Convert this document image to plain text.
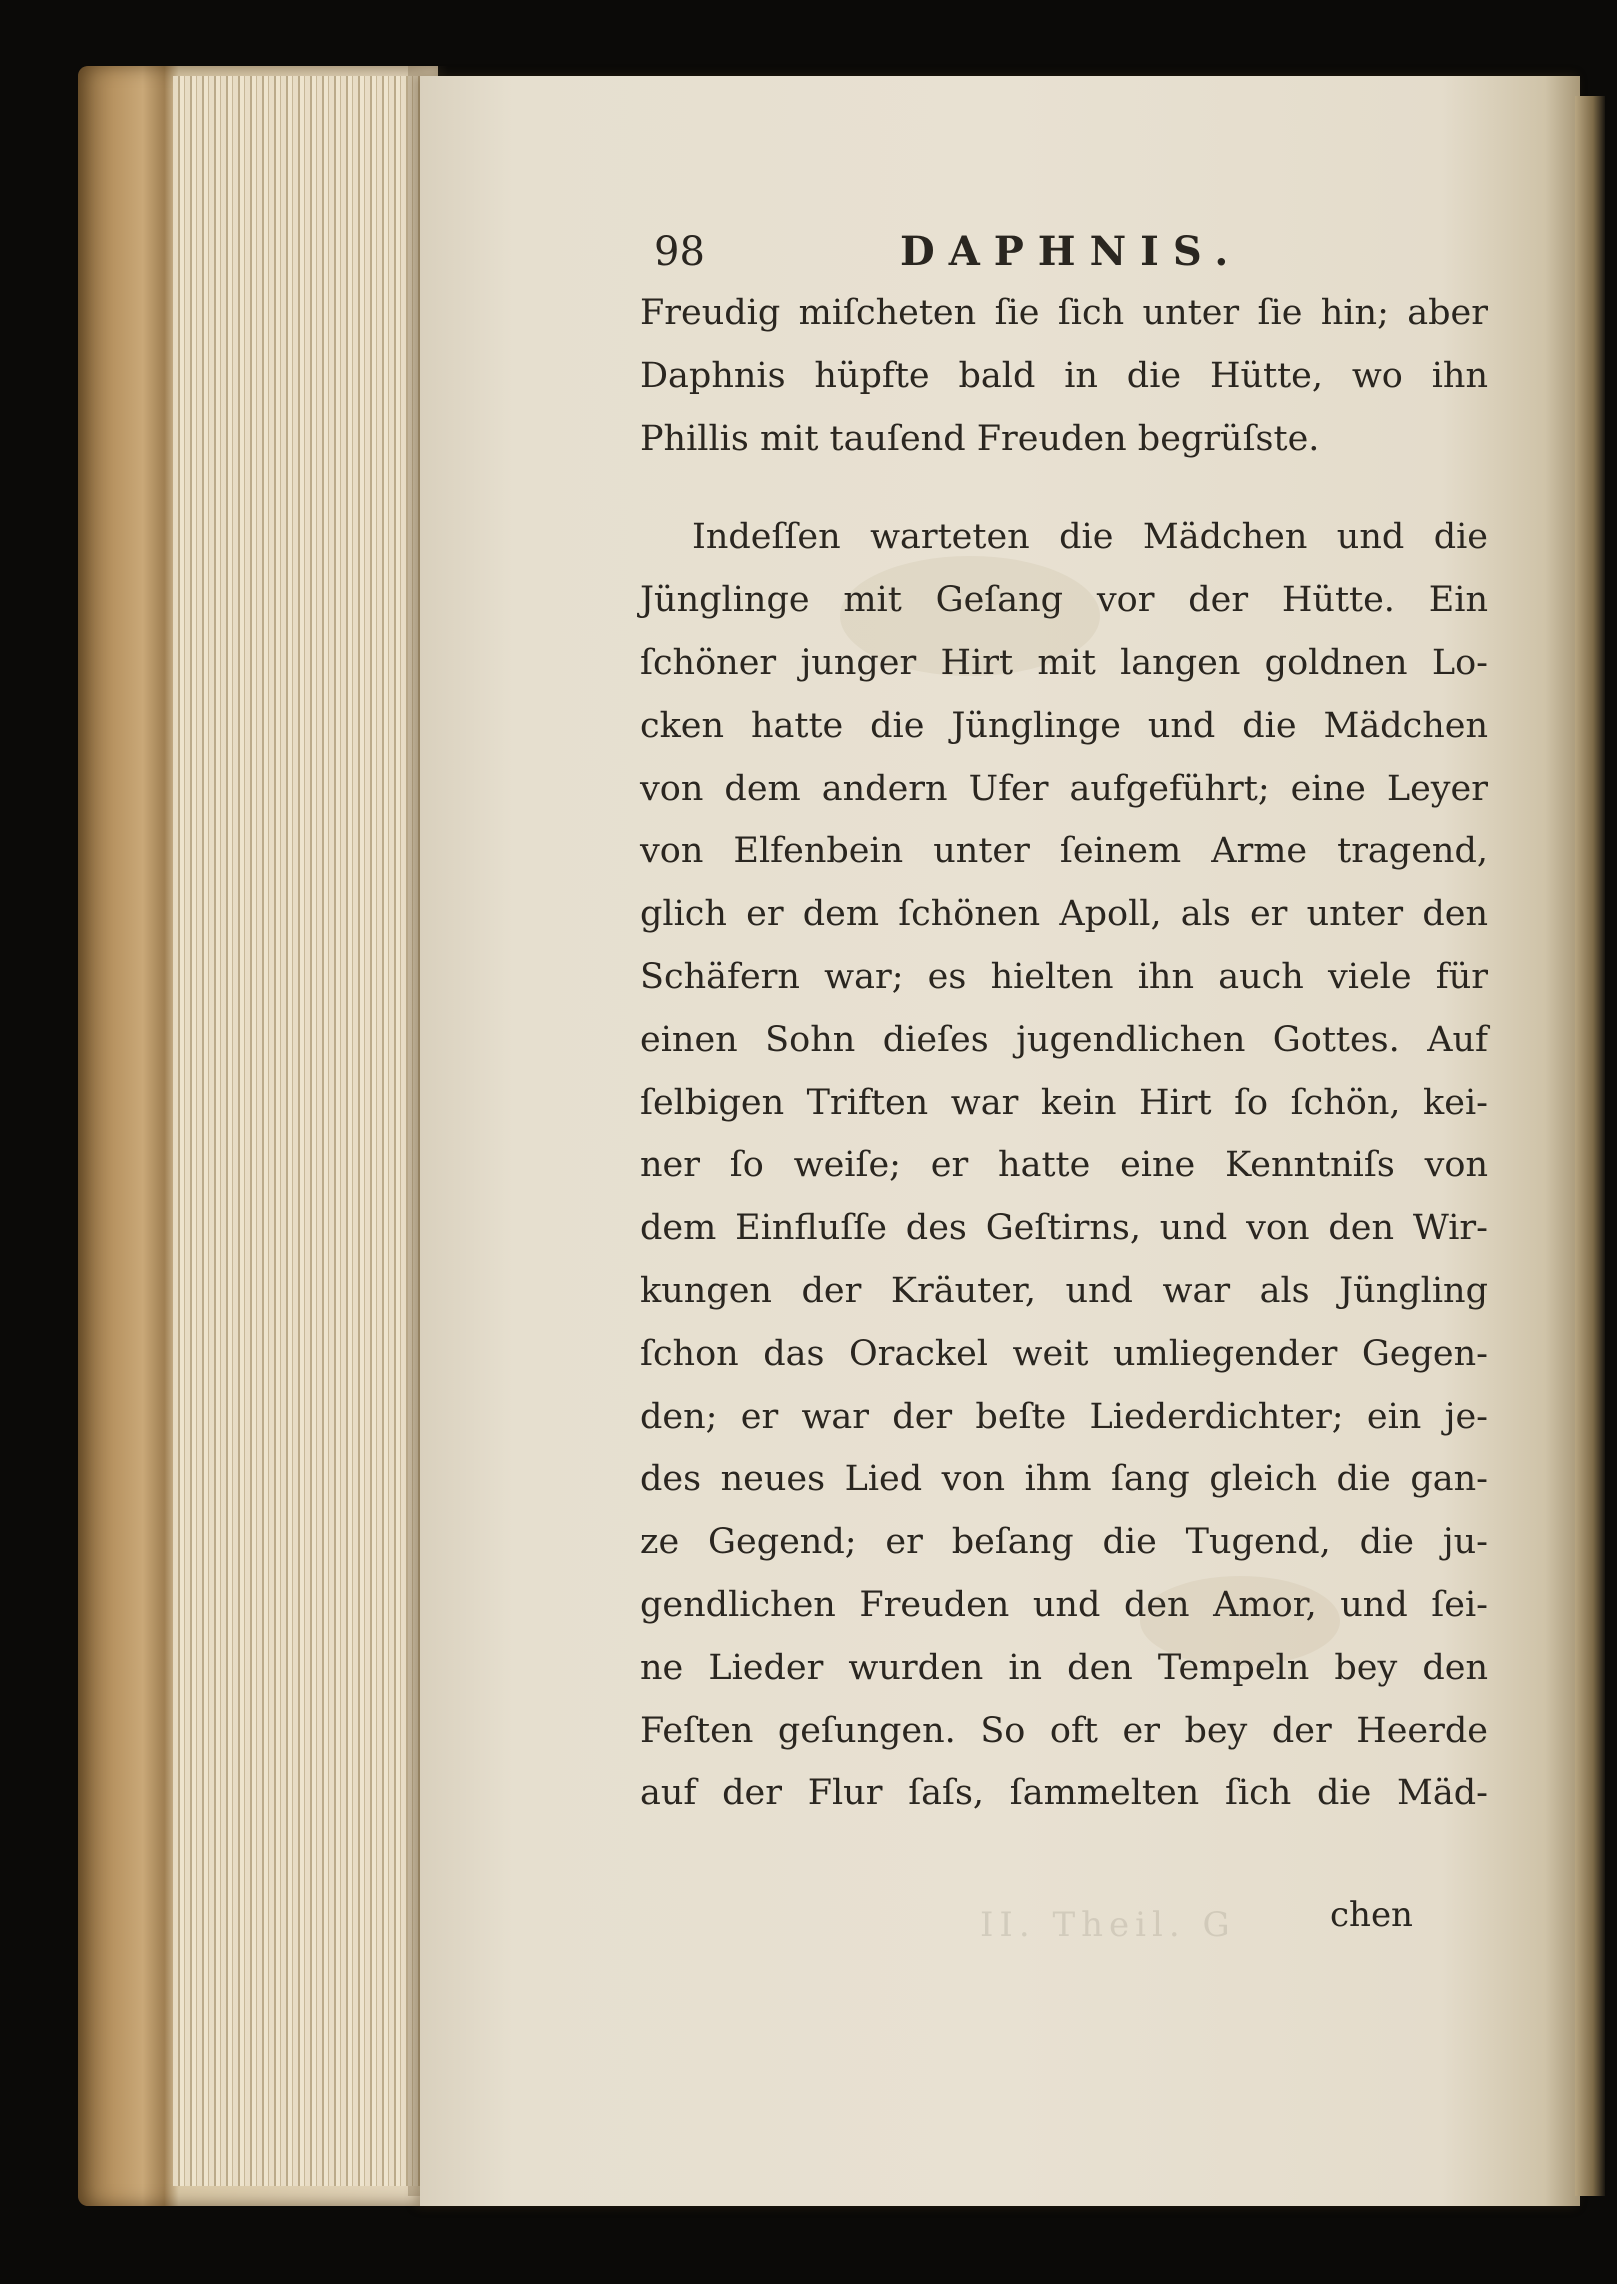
98	DAPHNIS.
Freudig miſcheten ſie ſich unter ſie hin; aber
Daphnis hüpfte bald in die Hütte, wo ihn
Phillis mit tauſend Freuden begrüſste.
Indeſſen warteten die Mädchen und die
Jünglinge mit Geſang vor der Hütte. Ein
ſchöner junger Hirt mit langen goldnen Lo-
cken hatte die Jünglinge und die Mädchen
von dem andern Ufer aufgeführt; eine Leyer
von Elfenbein unter ſeinem Arme tragend,
glich er dem ſchönen Apoll, als er unter den
Schäfern war; es hielten ihn auch viele für
einen Sohn dieſes jugendlichen Gottes. Auf
ſelbigen Triften war kein Hirt ſo ſchön, kei-
ner ſo weiſe; er hatte eine Kenntniſs von
dem Einfluſſe des Geſtirns, und von den Wir-
kungen der Kräuter, und war als Jüngling
ſchon das Orackel weit umliegender Gegen-
den; er war der beſte Liederdichter; ein je-
des neues Lied von ihm ſang gleich die gan-
ze Gegend; er beſang die Tugend, die ju-
gendlichen Freuden und den Amor, und ſei-
ne Lieder wurden in den Tempeln bey den
Feſten geſungen. So oft er bey der Heerde
auf der Flur ſaſs, ſammelten ſich die Mäd-
II. Theil. G	chen
